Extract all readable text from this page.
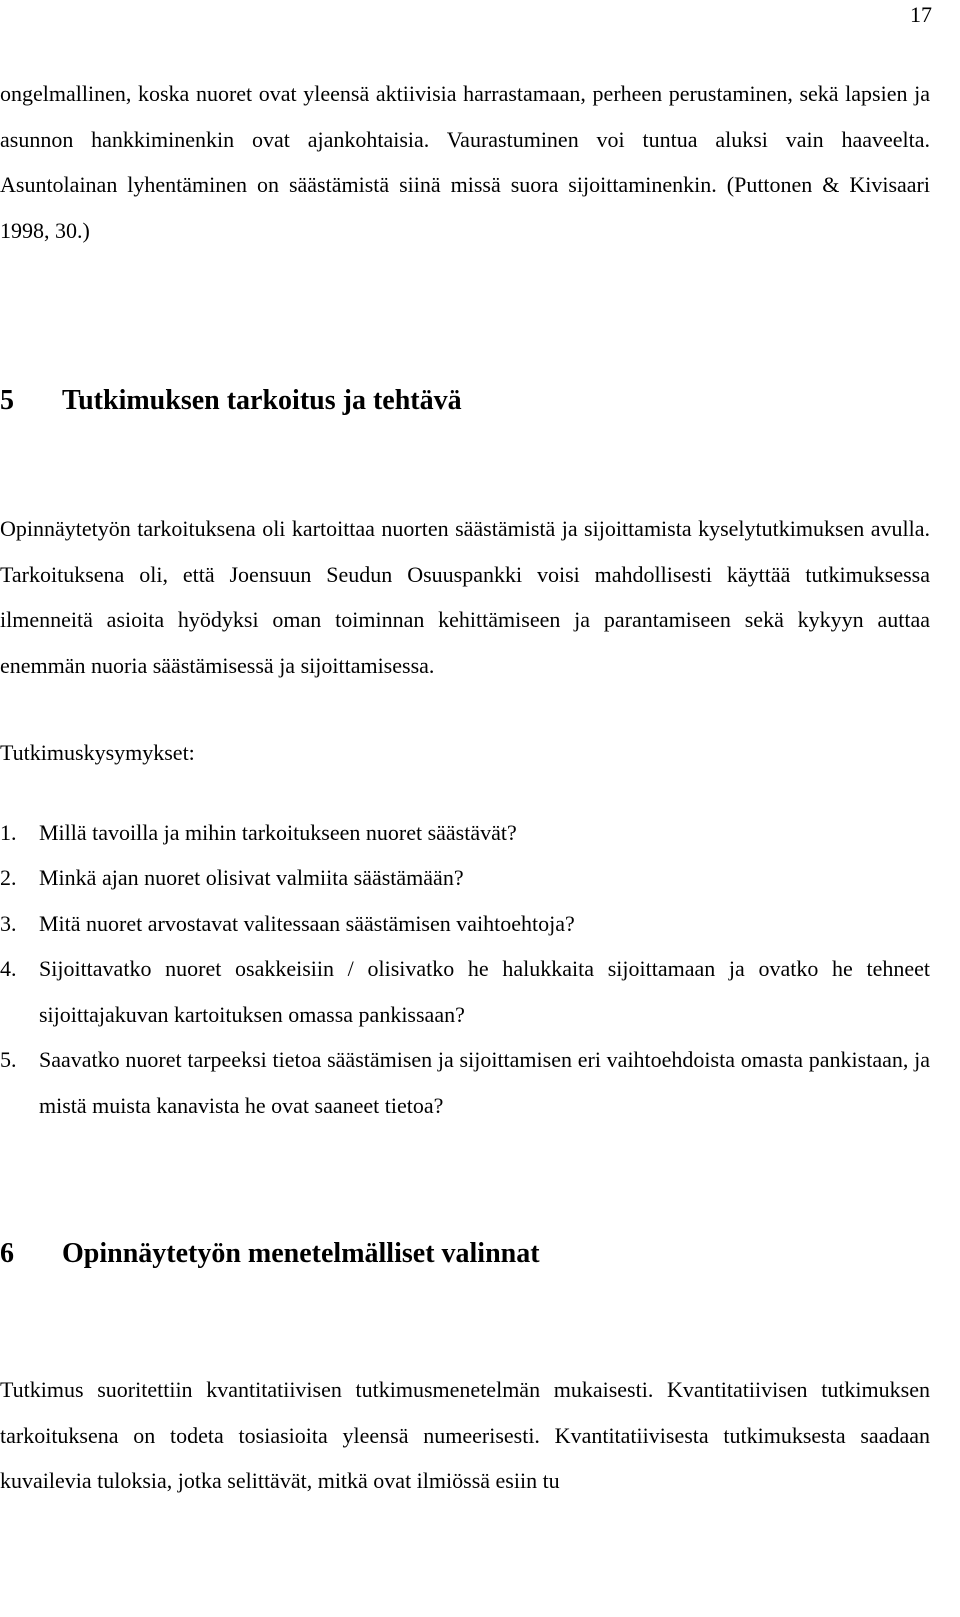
17

ongelmallinen, koska nuoret ovat yleensä aktiivisia harrastamaan, perheen perustaminen, sekä lapsien ja asunnon hankkiminenkin ovat ajankohtaisia. Vaurastuminen voi tuntua aluksi vain haaveelta. Asuntolainan lyhentäminen on säästämistä siinä missä suora sijoittaminenkin. (Puttonen & Kivisaari 1998, 30.)

5	Tutkimuksen tarkoitus ja tehtävä

Opinnäytetyön tarkoituksena oli kartoittaa nuorten säästämistä ja sijoittamista kyselytutkimuksen avulla. Tarkoituksena oli, että Joensuun Seudun Osuuspankki voisi mahdollisesti käyttää tutkimuksessa ilmenneitä asioita hyödyksi oman toiminnan kehittämiseen ja parantamiseen sekä kykyyn auttaa enemmän nuoria säästämisessä ja sijoittamisessa.

Tutkimuskysymykset:

1.	Millä tavoilla ja mihin tarkoitukseen nuoret säästävät?
2.	Minkä ajan nuoret olisivat valmiita säästämään?
3.	Mitä nuoret arvostavat valitessaan säästämisen vaihtoehtoja?
4.	Sijoittavatko nuoret osakkeisiin / olisivatko he halukkaita sijoittamaan ja ovatko he tehneet sijoittajakuvan kartoituksen omassa pankissaan?
5.	Saavatko nuoret tarpeeksi tietoa säästämisen ja sijoittamisen eri vaihtoehdoista omasta pankistaan, ja mistä muista kanavista he ovat saaneet tietoa?
6	Opinnäytetyön menetelmälliset valinnat

Tutkimus suoritettiin kvantitatiivisen tutkimusmenetelmän mukaisesti. Kvantitatiivisen tutkimuksen tarkoituksena on todeta tosiasioita yleensä numeerisesti. Kvantitatiivisesta tutkimuksesta saadaan kuvailevia tuloksia, jotka selittävät, mitkä ovat ilmiössä esiin tu
